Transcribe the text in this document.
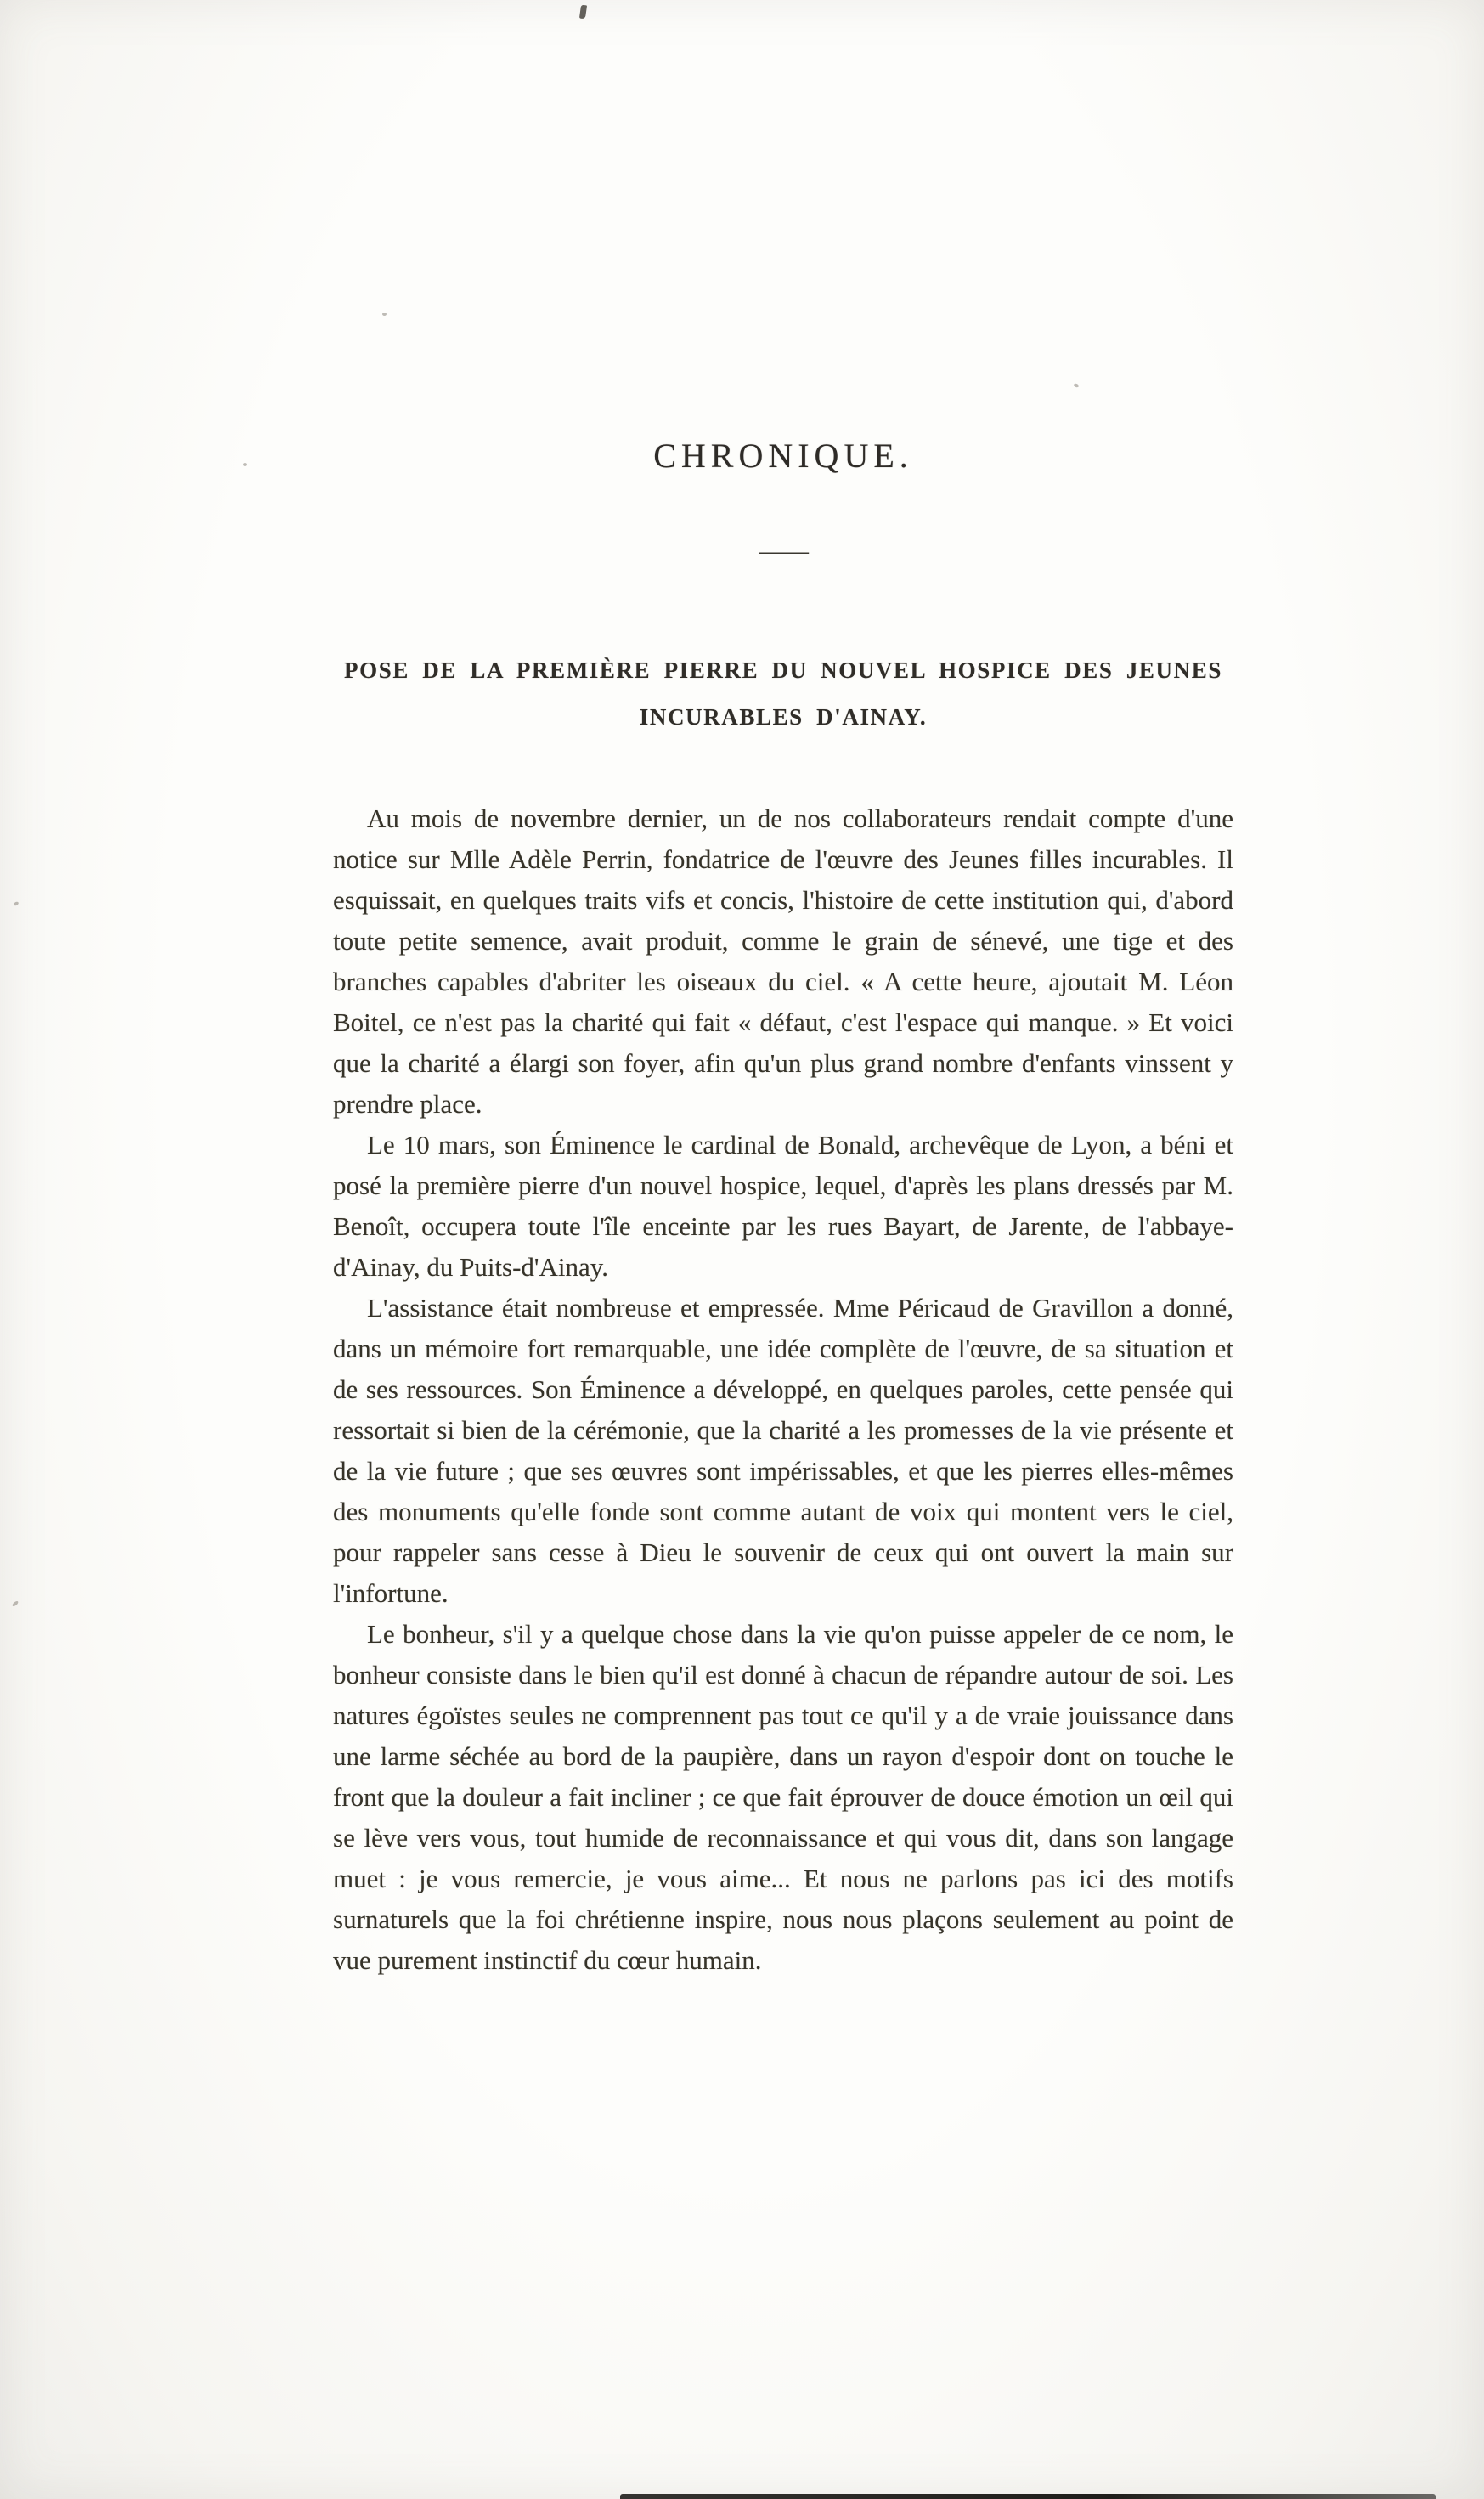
CHRONIQUE.
——
POSE DE LA PREMIÈRE PIERRE DU NOUVEL HOSPICE DES JEUNES
INCURABLES D'AINAY.

Au mois de novembre dernier, un de nos collaborateurs rendait compte d'une notice sur Mlle Adèle Perrin, fondatrice de l'œuvre des Jeunes filles incurables. Il esquissait, en quelques traits vifs et concis, l'histoire de cette institution qui, d'abord toute petite semence, avait produit, comme le grain de sénevé, une tige et des branches capables d'abriter les oiseaux du ciel. « A cette heure, ajoutait M. Léon Boitel, ce n'est pas la charité qui fait « défaut, c'est l'espace qui manque. » Et voici que la charité a élargi son foyer, afin qu'un plus grand nombre d'enfants vinssent y prendre place.

Le 10 mars, son Éminence le cardinal de Bonald, archevêque de Lyon, a béni et posé la première pierre d'un nouvel hospice, lequel, d'après les plans dressés par M. Benoît, occupera toute l'île enceinte par les rues Bayart, de Jarente, de l'abbaye-d'Ainay, du Puits-d'Ainay.

L'assistance était nombreuse et empressée. Mme Péricaud de Gravillon a donné, dans un mémoire fort remarquable, une idée complète de l'œuvre, de sa situation et de ses ressources. Son Éminence a développé, en quelques paroles, cette pensée qui ressortait si bien de la cérémonie, que la charité a les promesses de la vie présente et de la vie future ; que ses œuvres sont impérissables, et que les pierres elles-mêmes des monuments qu'elle fonde sont comme autant de voix qui montent vers le ciel, pour rappeler sans cesse à Dieu le souvenir de ceux qui ont ouvert la main sur l'infortune.

Le bonheur, s'il y a quelque chose dans la vie qu'on puisse appeler de ce nom, le bonheur consiste dans le bien qu'il est donné à chacun de répandre autour de soi. Les natures égoïstes seules ne comprennent pas tout ce qu'il y a de vraie jouissance dans une larme séchée au bord de la paupière, dans un rayon d'espoir dont on touche le front que la douleur a fait incliner ; ce que fait éprouver de douce émotion un œil qui se lève vers vous, tout humide de reconnaissance et qui vous dit, dans son langage muet : je vous remercie, je vous aime... Et nous ne parlons pas ici des motifs surnaturels que la foi chrétienne inspire, nous nous plaçons seulement au point de vue purement instinctif du cœur humain.
